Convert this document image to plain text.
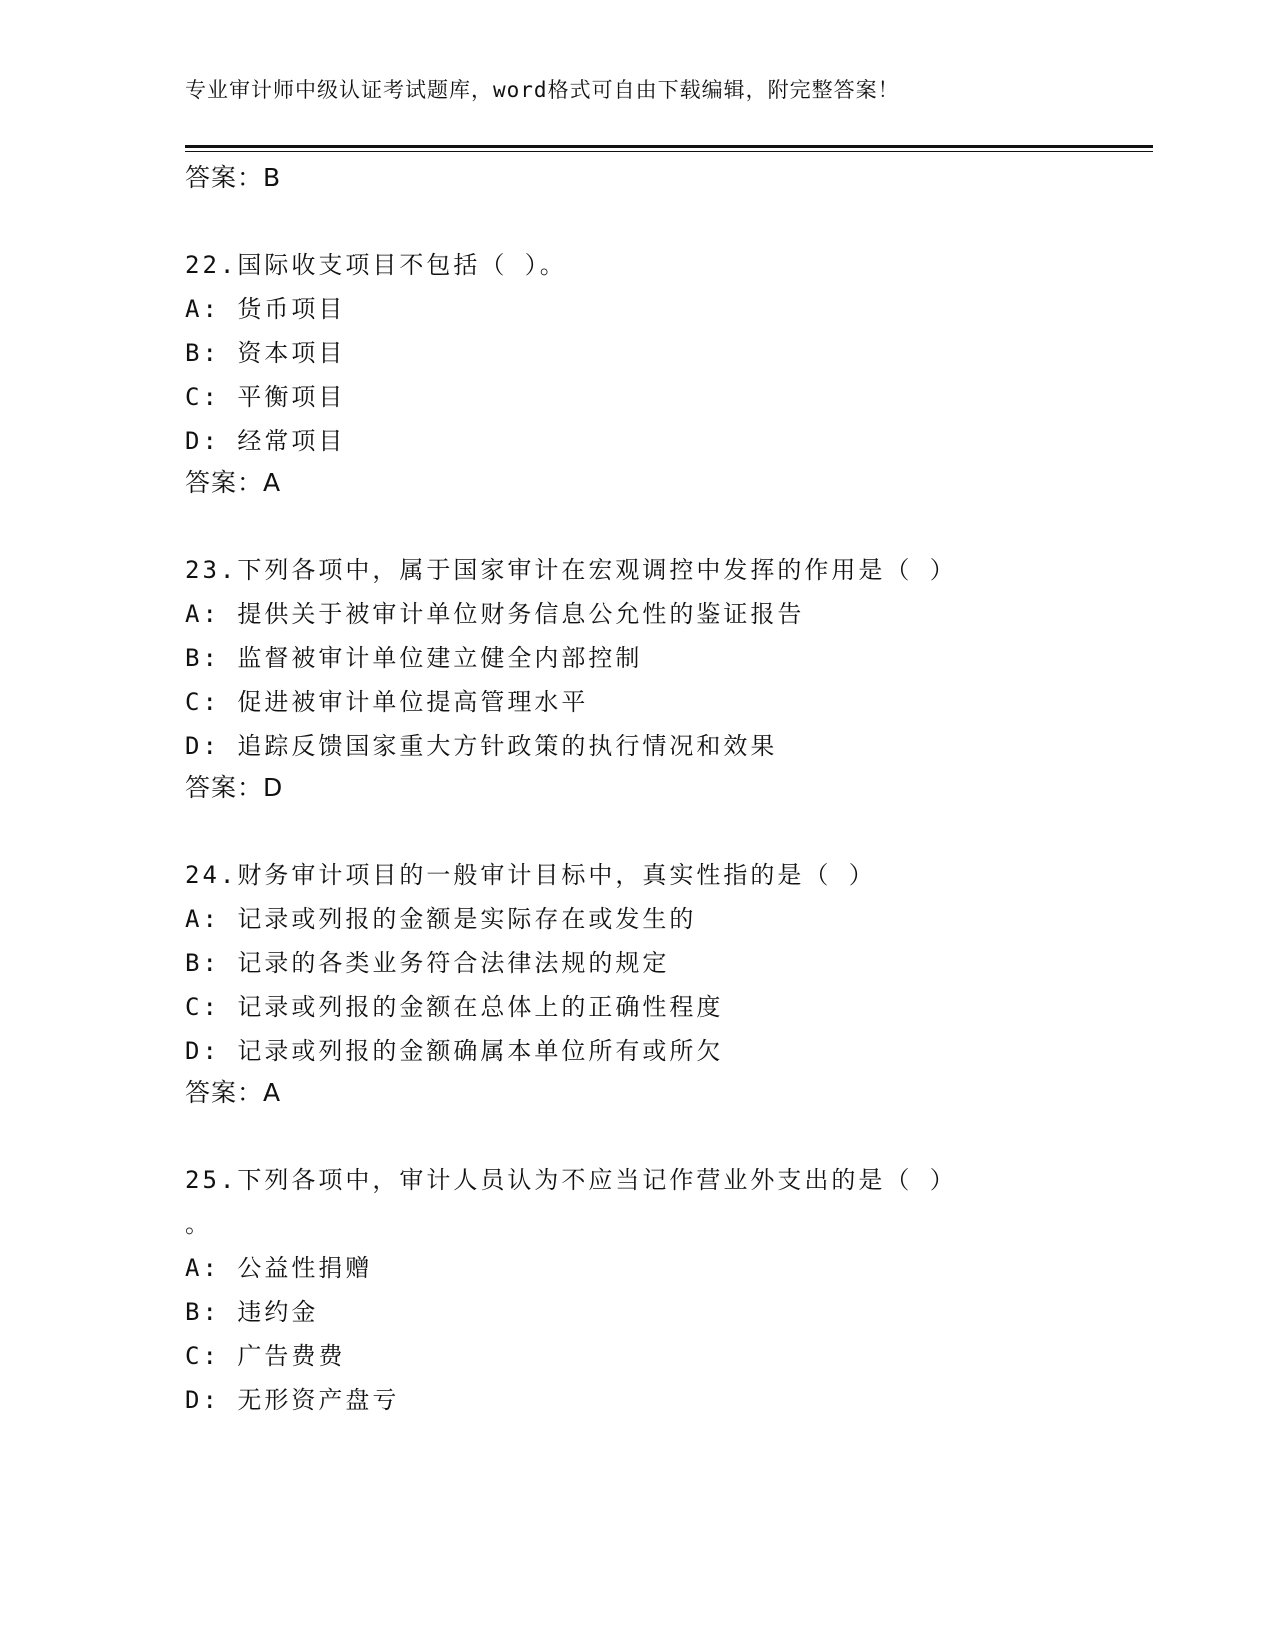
专业审计师中级认证考试题库，word格式可自由下载编辑，附完整答案！
答案：B
22.国际收支项目不包括（ ）。
A: 货币项目
B: 资本项目
C: 平衡项目
D: 经常项目
答案：A
23.下列各项中，属于国家审计在宏观调控中发挥的作用是（ ）
A: 提供关于被审计单位财务信息公允性的鉴证报告
B: 监督被审计单位建立健全内部控制
C: 促进被审计单位提高管理水平
D: 追踪反馈国家重大方针政策的执行情况和效果
答案：D
24.财务审计项目的一般审计目标中，真实性指的是（ ）
A: 记录或列报的金额是实际存在或发生的
B: 记录的各类业务符合法律法规的规定
C: 记录或列报的金额在总体上的正确性程度
D: 记录或列报的金额确属本单位所有或所欠
答案：A
25.下列各项中，审计人员认为不应当记作营业外支出的是（ ）
。
A: 公益性捐赠
B: 违约金
C: 广告费费
D: 无形资产盘亏
